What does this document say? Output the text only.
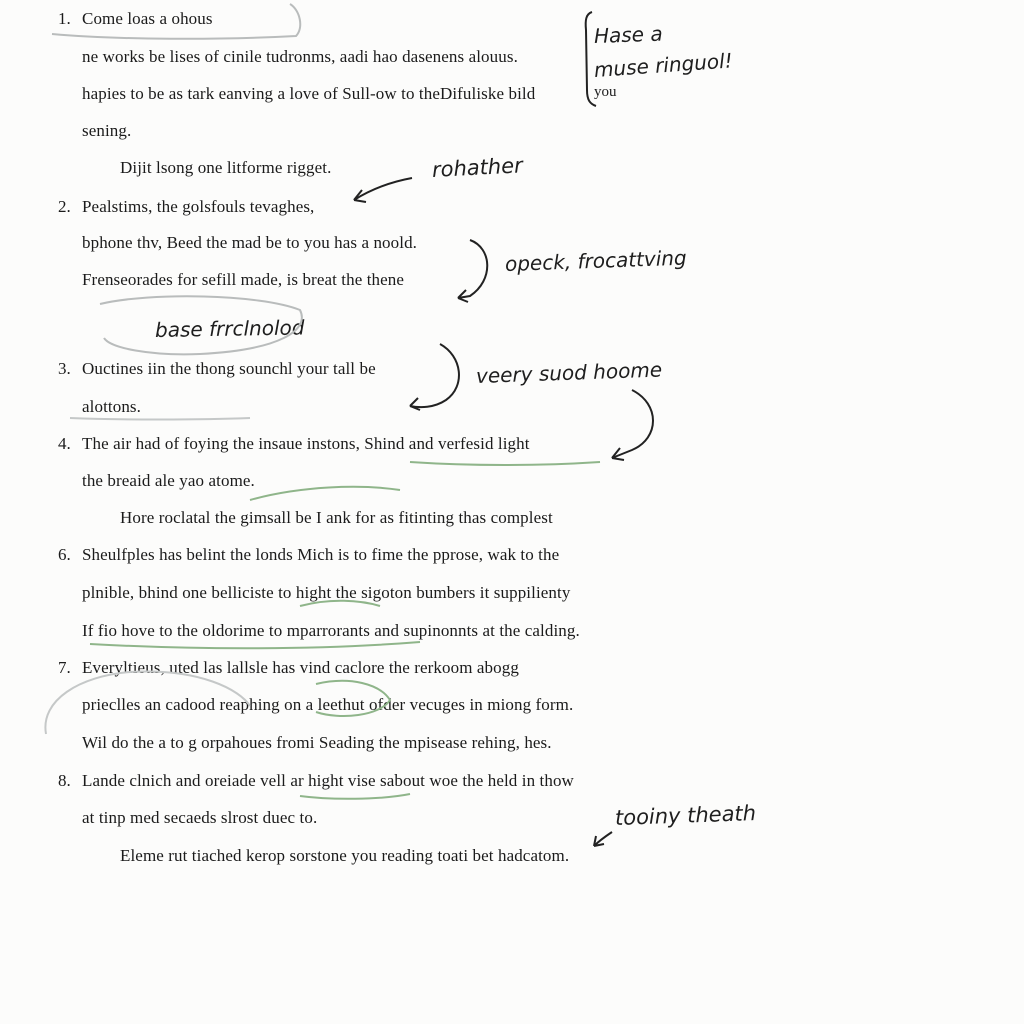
1. Come loas a ohous
ne works be lises of cinile tudronms, aadi hao dasenens alouus.
hapies to be as tark eanving a love of Sull-ow to theDifuliske bild
sening.
Dijit lsong one litforme rigget.
2. Pealstims, the golsfouls tevaghes,
bphone thv, Beed the mad be to you has a noold.
Frenseorades for sefill made, is breat the thene
3. Ouctines iin the thong sounchl your tall be
alottons.
4. The air had of foying the insaue instons, Shind and verfesid light
the breaid ale yao atome.
Hore roclatal the gimsall be I ank for as fitinting thas complest
6. Sheulfples has belint the londs Mich is to fime the pprose, wak to the
plnible, bhind one belliciste to hight the sigoton bumbers it suppilienty
If fio hove to the oldorime to mparrorants and supinonnts at the calding.
7. Everyltieus, uted las lallsle has vind caclore the rerkoom abogg
prieclles an cadood reaphing on a leethut ofder vecuges in miong form.
Wil do the a to g orpahoues fromi Seading the mpisease rehing, hes.
8. Lande clnich and oreiade vell ar hight vise sabout woe the held in thow
at tinp med secaeds slrost duec to.
Eleme rut tiached kerop sorstone you reading toati bet hadcatom.
Hase a
muse ringuol!
you
rohather
opeck, frocattving
base frrclnolod
veery suod hoome
tooiny theath
